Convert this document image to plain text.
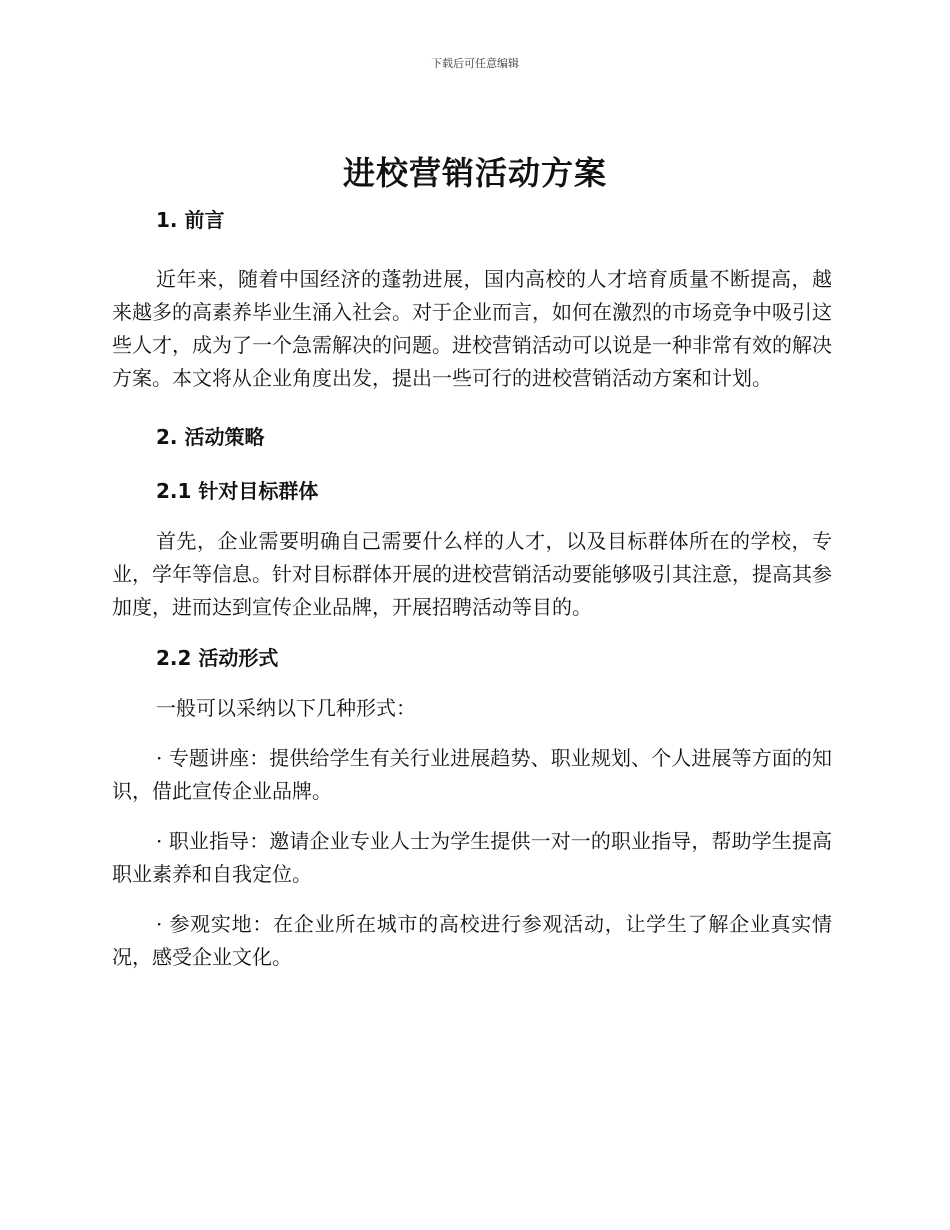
下载后可任意编辑
进校营销活动方案

1. 前言

近年来，随着中国经济的蓬勃进展，国内高校的人才培育质量不断提高，越来越多的高素养毕业生涌入社会。对于企业而言，如何在激烈的市场竞争中吸引这些人才，成为了一个急需解决的问题。进校营销活动可以说是一种非常有效的解决方案。本文将从企业角度出发，提出一些可行的进校营销活动方案和计划。

2. 活动策略

2.1 针对目标群体

首先，企业需要明确自己需要什么样的人才，以及目标群体所在的学校，专业，学年等信息。针对目标群体开展的进校营销活动要能够吸引其注意，提高其参加度，进而达到宣传企业品牌，开展招聘活动等目的。

2.2 活动形式

一般可以采纳以下几种形式：

· 专题讲座：提供给学生有关行业进展趋势、职业规划、个人进展等方面的知识，借此宣传企业品牌。

· 职业指导：邀请企业专业人士为学生提供一对一的职业指导，帮助学生提高职业素养和自我定位。

· 参观实地：在企业所在城市的高校进行参观活动，让学生了解企业真实情况，感受企业文化。
